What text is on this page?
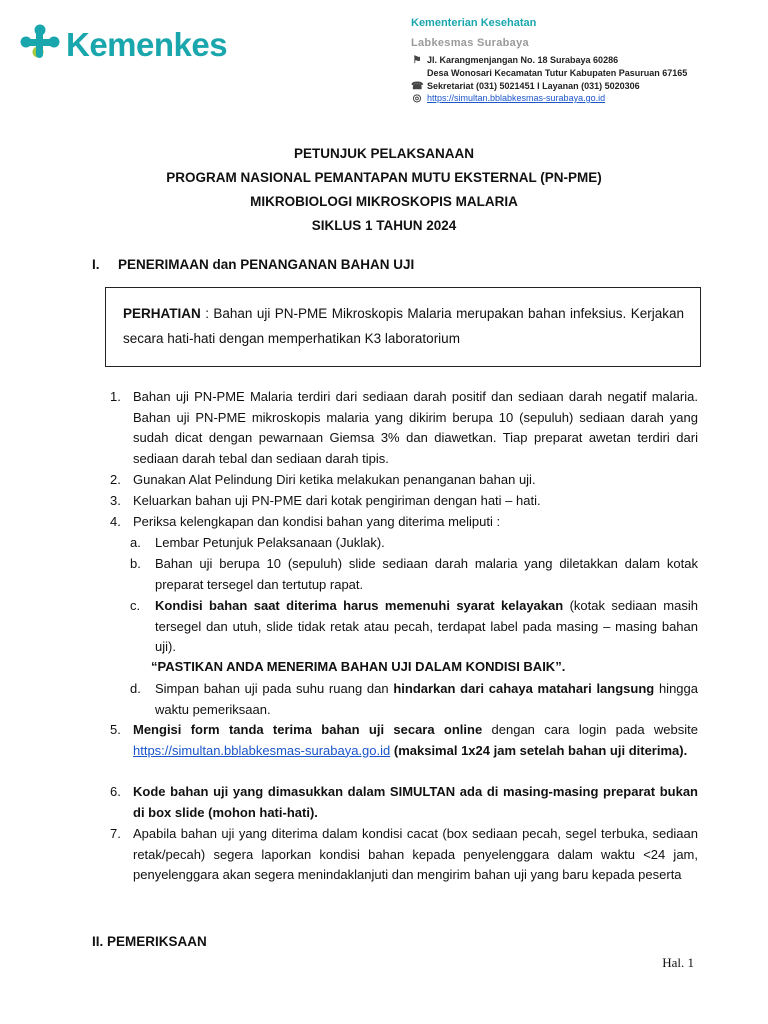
Kemenkes
Kementerian Kesehatan
Labkesmas Surabaya
⚑ Jl. Karangmenjangan No. 18 Surabaya 60286
Desa Wonosari Kecamatan Tutur Kabupaten Pasuruan 67165
☎ Sekretariat (031) 5021451 I Layanan (031) 5020306
◎ https://simultan.bblabkesmas-surabaya.go.id
PETUNJUK PELAKSANAAN
PROGRAM NASIONAL PEMANTAPAN MUTU EKSTERNAL (PN-PME)
MIKROBIOLOGI MIKROSKOPIS MALARIA
SIKLUS 1 TAHUN 2024
I. PENERIMAAN dan PENANGANAN BAHAN UJI
PERHATIAN : Bahan uji PN-PME Mikroskopis Malaria merupakan bahan infeksius. Kerjakan secara hati-hati dengan memperhatikan K3 laboratorium
1. Bahan uji PN-PME Malaria terdiri dari sediaan darah positif dan sediaan darah negatif malaria. Bahan uji PN-PME mikroskopis malaria yang dikirim berupa 10 (sepuluh) sediaan darah yang sudah dicat dengan pewarnaan Giemsa 3% dan diawetkan. Tiap preparat awetan terdiri dari sediaan darah tebal dan sediaan darah tipis.
2. Gunakan Alat Pelindung Diri ketika melakukan penanganan bahan uji.
3. Keluarkan bahan uji PN-PME dari kotak pengiriman dengan hati – hati.
4. Periksa kelengkapan dan kondisi bahan yang diterima meliputi :
a.	Lembar Petunjuk Pelaksanaan (Juklak).
b.	Bahan uji berupa 10 (sepuluh) slide sediaan darah malaria yang diletakkan dalam kotak preparat tersegel dan tertutup rapat.
c.	Kondisi bahan saat diterima harus memenuhi syarat kelayakan (kotak sediaan masih tersegel dan utuh, slide tidak retak atau pecah, terdapat label pada masing – masing bahan uji).
“PASTIKAN ANDA MENERIMA BAHAN UJI DALAM KONDISI BAIK”.
d.	Simpan bahan uji pada suhu ruang dan hindarkan dari cahaya matahari langsung hingga waktu pemeriksaan.
5. Mengisi form tanda terima bahan uji secara online dengan cara login pada website https://simultan.bblabkesmas-surabaya.go.id (maksimal 1x24 jam setelah bahan uji diterima).
6. Kode bahan uji yang dimasukkan dalam SIMULTAN ada di masing-masing preparat bukan di box slide (mohon hati-hati).
7. Apabila bahan uji yang diterima dalam kondisi cacat (box sediaan pecah, segel terbuka, sediaan retak/pecah) segera laporkan kondisi bahan kepada penyelenggara dalam waktu <24 jam, penyelenggara akan segera menindaklanjuti dan mengirim bahan uji yang baru kepada peserta
II. PEMERIKSAAN
Hal. 1
